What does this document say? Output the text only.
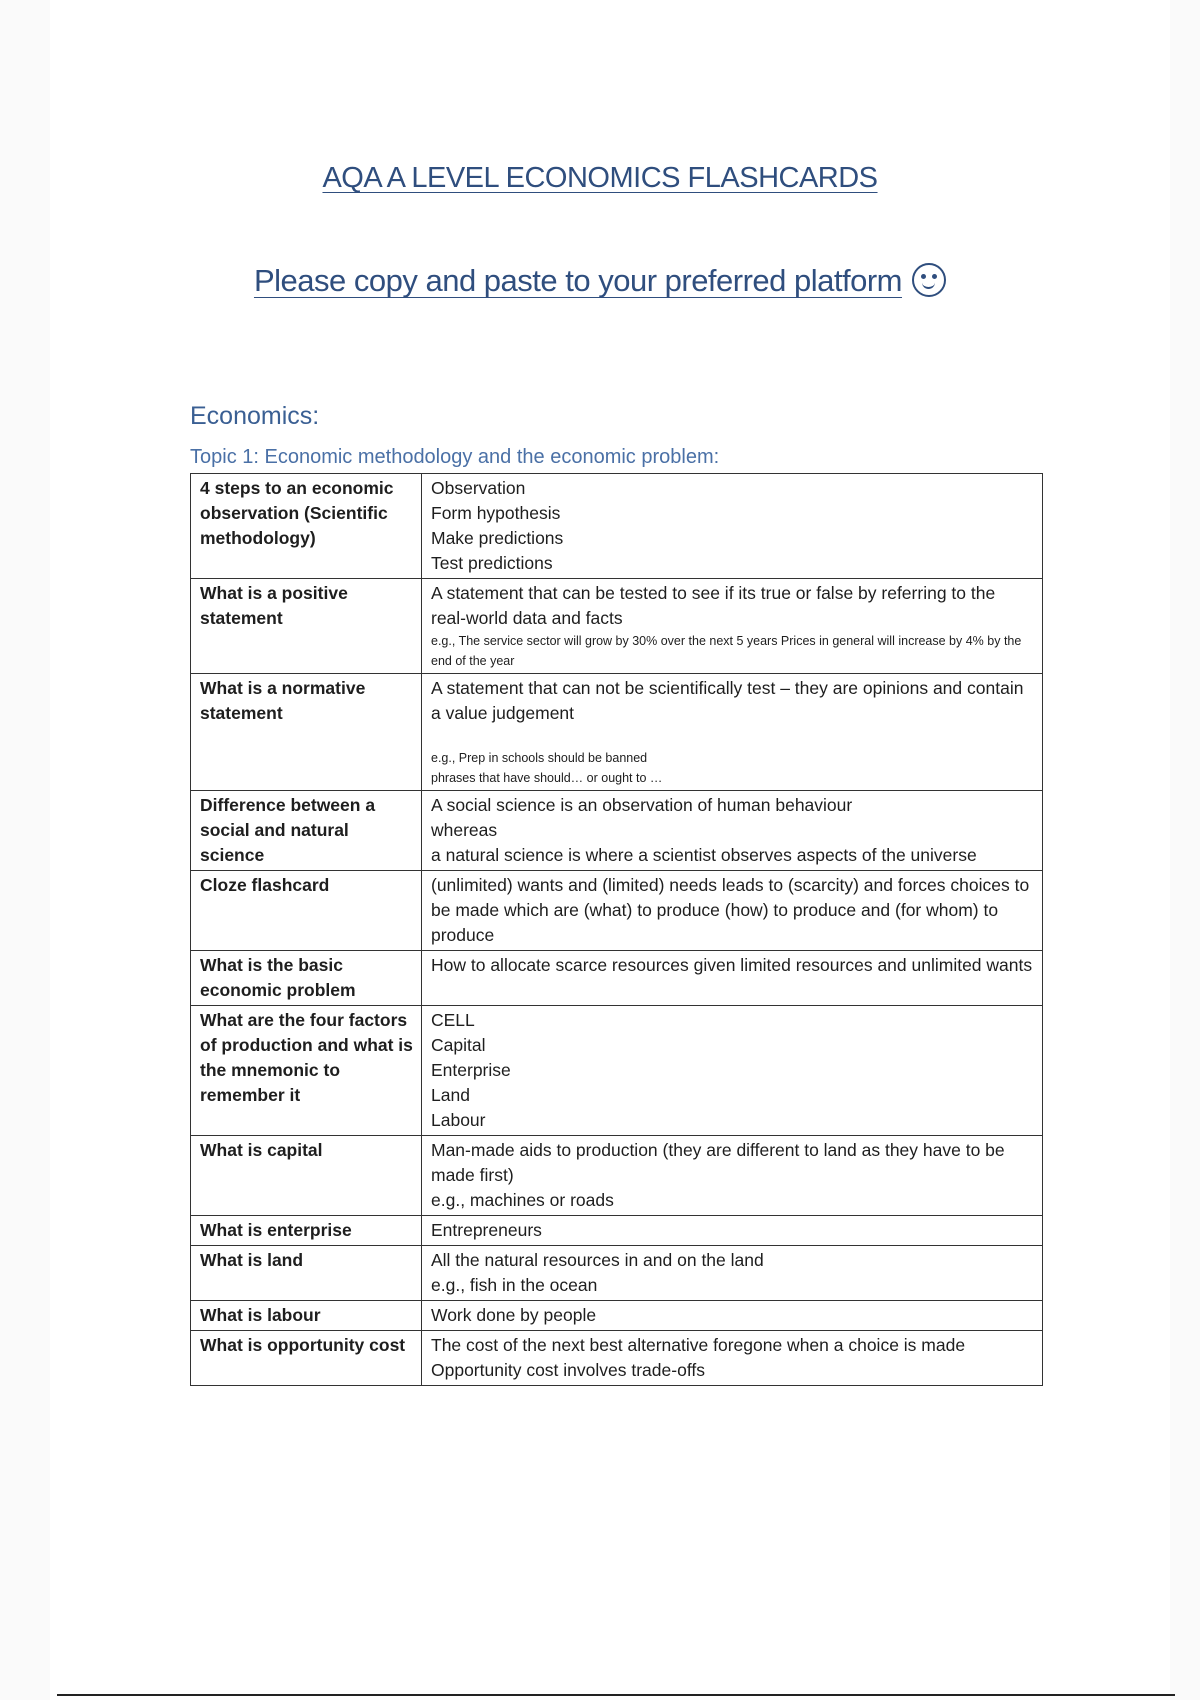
AQA A LEVEL ECONOMICS FLASHCARDS
Please copy and paste to your preferred platform
Economics:
Topic 1: Economic methodology and the economic problem:
4 steps to an economic observation (Scientific methodology)	Observation
Form hypothesis
Make predictions
Test predictions

What is a positive statement	A statement that can be tested to see if its true or false by referring to the real-world data and facts
e.g., The service sector will grow by 30% over the next 5 years Prices in general will increase by 4% by the end of the year

What is a normative statement	A statement that can not be scientifically test – they are opinions and contain a value judgement
e.g., Prep in schools should be banned
phrases that have should… or ought to …

Difference between a social and natural science	A social science is an observation of human behaviour
whereas
a natural science is where a scientist observes aspects of the universe

Cloze flashcard	(unlimited) wants and (limited) needs leads to (scarcity) and forces choices to be made which are (what) to produce (how) to produce and (for whom) to produce

What is the basic economic problem	How to allocate scarce resources given limited resources and unlimited wants

What are the four factors of production and what is the mnemonic to remember it	CELL
Capital
Enterprise
Land
Labour

What is capital	Man-made aids to production (they are different to land as they have to be made first)
e.g., machines or roads

What is enterprise	Entrepreneurs

What is land	All the natural resources in and on the land
e.g., fish in the ocean

What is labour	Work done by people

What is opportunity cost	The cost of the next best alternative foregone when a choice is made
Opportunity cost involves trade-offs
